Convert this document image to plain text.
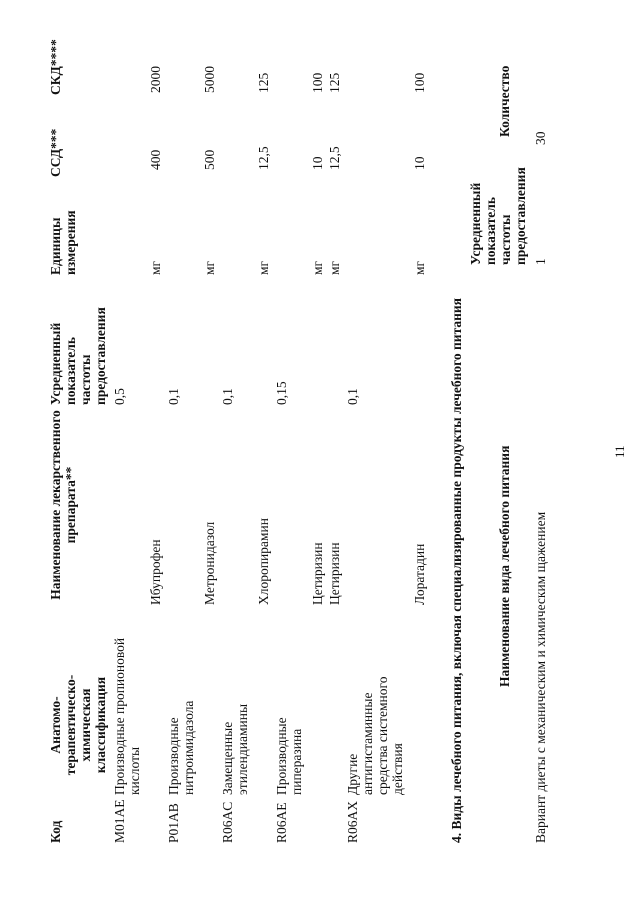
11
Код
Анатомо-терапевтическо-химическая классификация
Наименование лекарственного препарата**
Усредненный показатель частоты предоставления
Единицы измерения
ССД***
СКД****
M01AE
Производные пропионовой кислоты
0,5
Ибупрофен
мг
400
2000
P01AB
Производные нитроимидазола
0,1
Метронидазол
мг
500
5000
R06AC
Замещенные этилендиамины
0,1
Хлоропирамин
мг
12,5
125
R06AE
Производные пиперазина
0,15
Цетиризин
мг
10
100
Цетиризин
мг
12,5
125
R06AX
Другие антигистаминные средства системного действия
0,1
Лоратадин
мг
10
100
4. Виды лечебного питания, включая специализированные продукты лечебного питания Наименование вида лечебного питания
Усредненный показатель частоты предоставления
Количество
Вариант диеты с механическим и химическим щажением
1
30
